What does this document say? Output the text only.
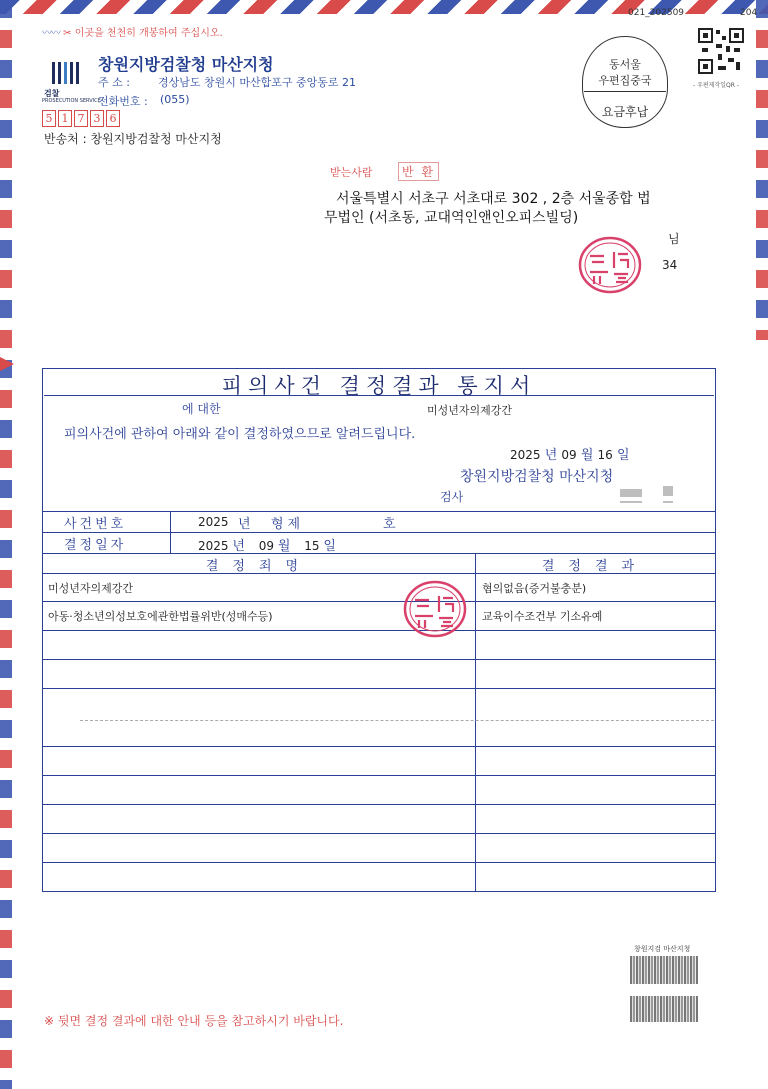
〰〰 ✂ 이곳을 천천히 개봉하여 주십시오.
021_202509	204
검찰
PROSECUTION SERVICE
창원지방검찰청 마산지청
주 소 :	경상남도 창원시 마산합포구 중앙동로 21
전화번호 : (055)
5 1 7 3 6
반송처 : 창원지방검찰청 마산지청
동서울
우편집중국
요금후납
- 우편제작일QR -
받는사람	반 환
서울특별시 서초구 서초대로 302 , 2층 서울종합 법
무법인 (서초동, 교대역인앤인오피스빌딩)
님
34
피의사건 결정결과 통지서
에 대한	미성년자의제강간
피의사건에 관하여 아래와 같이 결정하였으므로 알려드립니다.
2025 년 09 월 16 일
창원지방검찰청 마산지청
검사
사건번호	2025 년 형제	호
결정일자	2025 년 09 월 15 일
결정죄명	결정결과
미성년자의제강간	혐의없음(증거불충분)
아동·청소년의성보호에관한법률위반(성매수등)	교육이수조건부 기소유예
창원지검 마산지청
※ 뒷면 결정 결과에 대한 안내 등을 참고하시기 바랍니다.
